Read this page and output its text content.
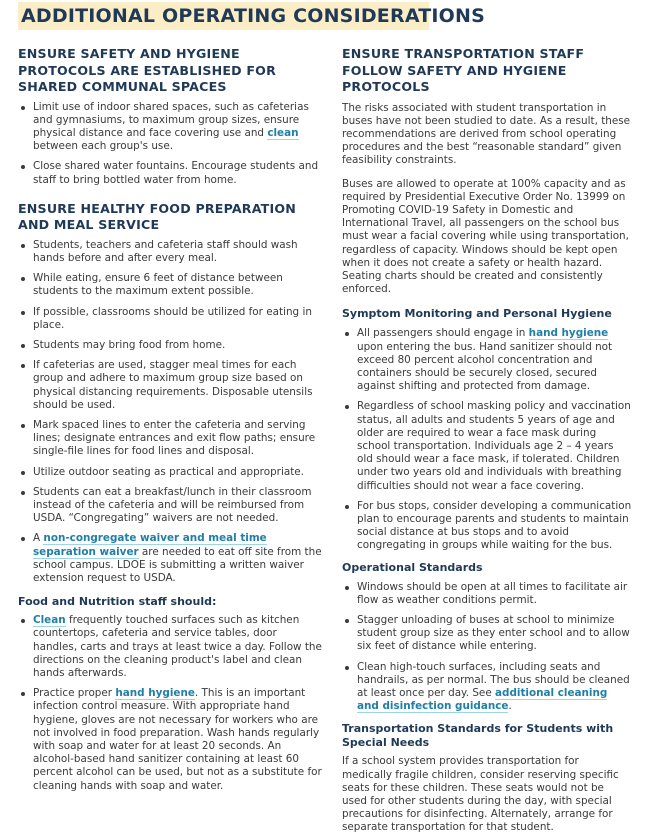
ADDITIONAL OPERATING CONSIDERATIONS
ENSURE SAFETY AND HYGIENE PROTOCOLS ARE ESTABLISHED FOR SHARED COMMUNAL SPACES
Limit use of indoor shared spaces, such as cafeterias and gymnasiums, to maximum group sizes, ensure physical distance and face covering use and clean between each group's use.
Close shared water fountains. Encourage students and staff to bring bottled water from home.
ENSURE HEALTHY FOOD PREPARATION AND MEAL SERVICE
Students, teachers and cafeteria staff should wash hands before and after every meal.
While eating, ensure 6 feet of distance between students to the maximum extent possible.
If possible, classrooms should be utilized for eating in place.
Students may bring food from home.
If cafeterias are used, stagger meal times for each group and adhere to maximum group size based on physical distancing requirements. Disposable utensils should be used.
Mark spaced lines to enter the cafeteria and serving lines; designate entrances and exit flow paths; ensure single-file lines for food lines and disposal.
Utilize outdoor seating as practical and appropriate.
Students can eat a breakfast/lunch in their classroom instead of the cafeteria and will be reimbursed from USDA. “Congregating” waivers are not needed.
A non-congregate waiver and meal time separation waiver are needed to eat off site from the school campus. LDOE is submitting a written waiver extension request to USDA.
Food and Nutrition staff should:
Clean frequently touched surfaces such as kitchen countertops, cafeteria and service tables, door handles, carts and trays at least twice a day. Follow the directions on the cleaning product's label and clean hands afterwards.
Practice proper hand hygiene. This is an important infection control measure. With appropriate hand hygiene, gloves are not necessary for workers who are not involved in food preparation. Wash hands regularly with soap and water for at least 20 seconds. An alcohol-based hand sanitizer containing at least 60 percent alcohol can be used, but not as a substitute for cleaning hands with soap and water.
ENSURE TRANSPORTATION STAFF FOLLOW SAFETY AND HYGIENE PROTOCOLS

The risks associated with student transportation in buses have not been studied to date. As a result, these recommendations are derived from school operating procedures and the best “reasonable standard” given feasibility constraints.

Buses are allowed to operate at 100% capacity and as required by Presidential Executive Order No. 13999 on Promoting COVID-19 Safety in Domestic and International Travel, all passengers on the school bus must wear a facial covering while using transportation, regardless of capacity. Windows should be kept open when it does not create a safety or health hazard. Seating charts should be created and consistently enforced.

Symptom Monitoring and Personal Hygiene
All passengers should engage in hand hygiene upon entering the bus. Hand sanitizer should not exceed 80 percent alcohol concentration and containers should be securely closed, secured against shifting and protected from damage.
Regardless of school masking policy and vaccination status, all adults and students 5 years of age and older are required to wear a face mask during school transportation. Individuals age 2 – 4 years old should wear a face mask, if tolerated. Children under two years old and individuals with breathing difficulties should not wear a face covering.
For bus stops, consider developing a communication plan to encourage parents and students to maintain social distance at bus stops and to avoid congregating in groups while waiting for the bus.
Operational Standards
Windows should be open at all times to facilitate air flow as weather conditions permit.
Stagger unloading of buses at school to minimize student group size as they enter school and to allow six feet of distance while entering.
Clean high-touch surfaces, including seats and handrails, as per normal. The bus should be cleaned at least once per day. See additional cleaning and disinfection guidance.
Transportation Standards for Students with Special Needs

If a school system provides transportation for medically fragile children, consider reserving specific seats for these children. These seats would not be used for other students during the day, with special precautions for disinfecting. Alternately, arrange for separate transportation for that student.
